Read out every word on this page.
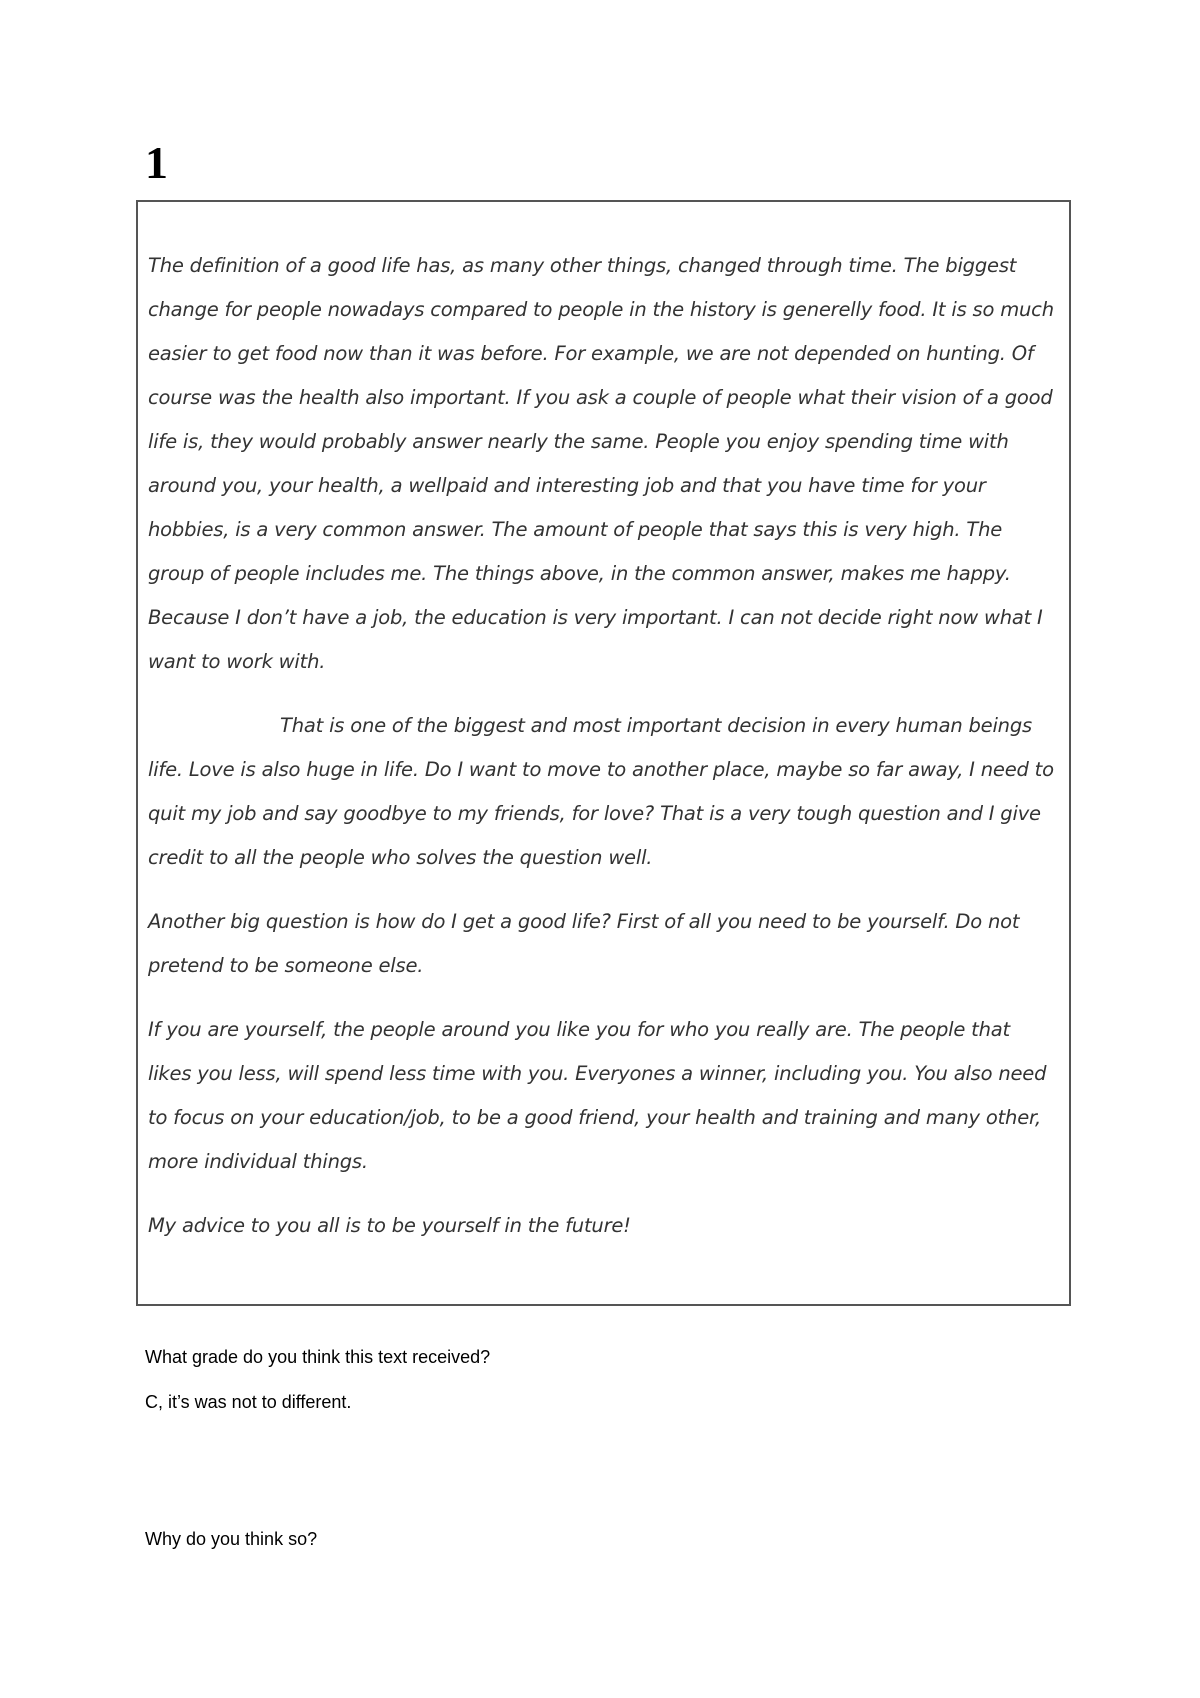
1

The definition of a good life has, as many other things, changed through time. The biggest change for people nowadays compared to people in the history is generelly food. It is so much easier to get food now than it was before. For example, we are not depended on hunting. Of course was the health also important. If you ask a couple of people what their vision of a good life is, they would probably answer nearly the same. People you enjoy spending time with around you, your health, a wellpaid and interesting job and that you have time for your hobbies, is a very common answer. The amount of people that says this is very high. The group of people includes me. The things above, in the common answer, makes me happy. Because I don’t have a job, the education is very important. I can not decide right now what I want to work with.

That is one of the biggest and most important decision in every human beings life. Love is also huge in life. Do I want to move to another place, maybe so far away, I need to quit my job and say goodbye to my friends, for love? That is a very tough question and I give credit to all the people who solves the question well.

Another big question is how do I get a good life? First of all you need to be yourself. Do not pretend to be someone else.

If you are yourself, the people around you like you for who you really are. The people that likes you less, will spend less time with you. Everyones a winner, including you. You also need to focus on your education/job, to be a good friend, your health and training and many other, more individual things.

My advice to you all is to be yourself in the future!

What grade do you think this text received?
C, it’s was not to different.
Why do you think so?
